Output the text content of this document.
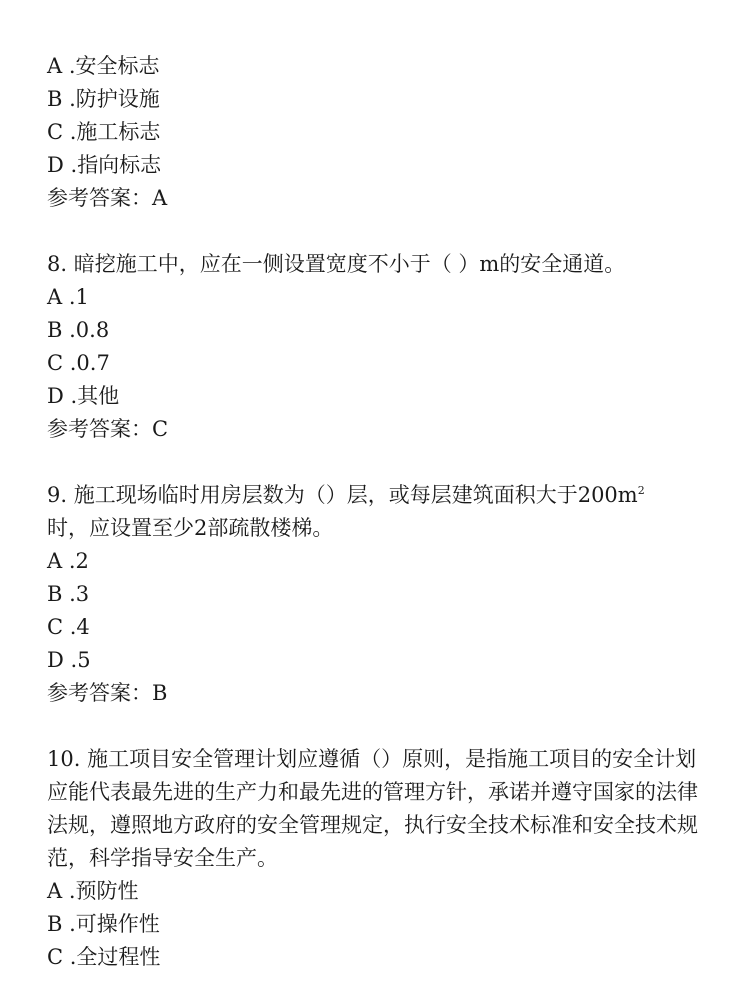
A .安全标志
B .防护设施
C .施工标志
D .指向标志
参考答案：A
8. 暗挖施工中，应在一侧设置宽度不小于（ ）m的安全通道。
A .1
B .0.8
C .0.7
D .其他
参考答案：C
9. 施工现场临时用房层数为（）层，或每层建筑面积大于$200m^2$
时，应设置至少2部疏散楼梯。
A .2
B .3
C .4
D .5
参考答案：B
10. 施工项目安全管理计划应遵循（）原则，是指施工项目的安全计划应能代表最先进的生产力和最先进的管理方针，承诺并遵守国家的法律法规，遵照地方政府的安全管理规定，执行安全技术标准和安全技术规范，科学指导安全生产。
A .预防性
B .可操作性
C .全过程性
